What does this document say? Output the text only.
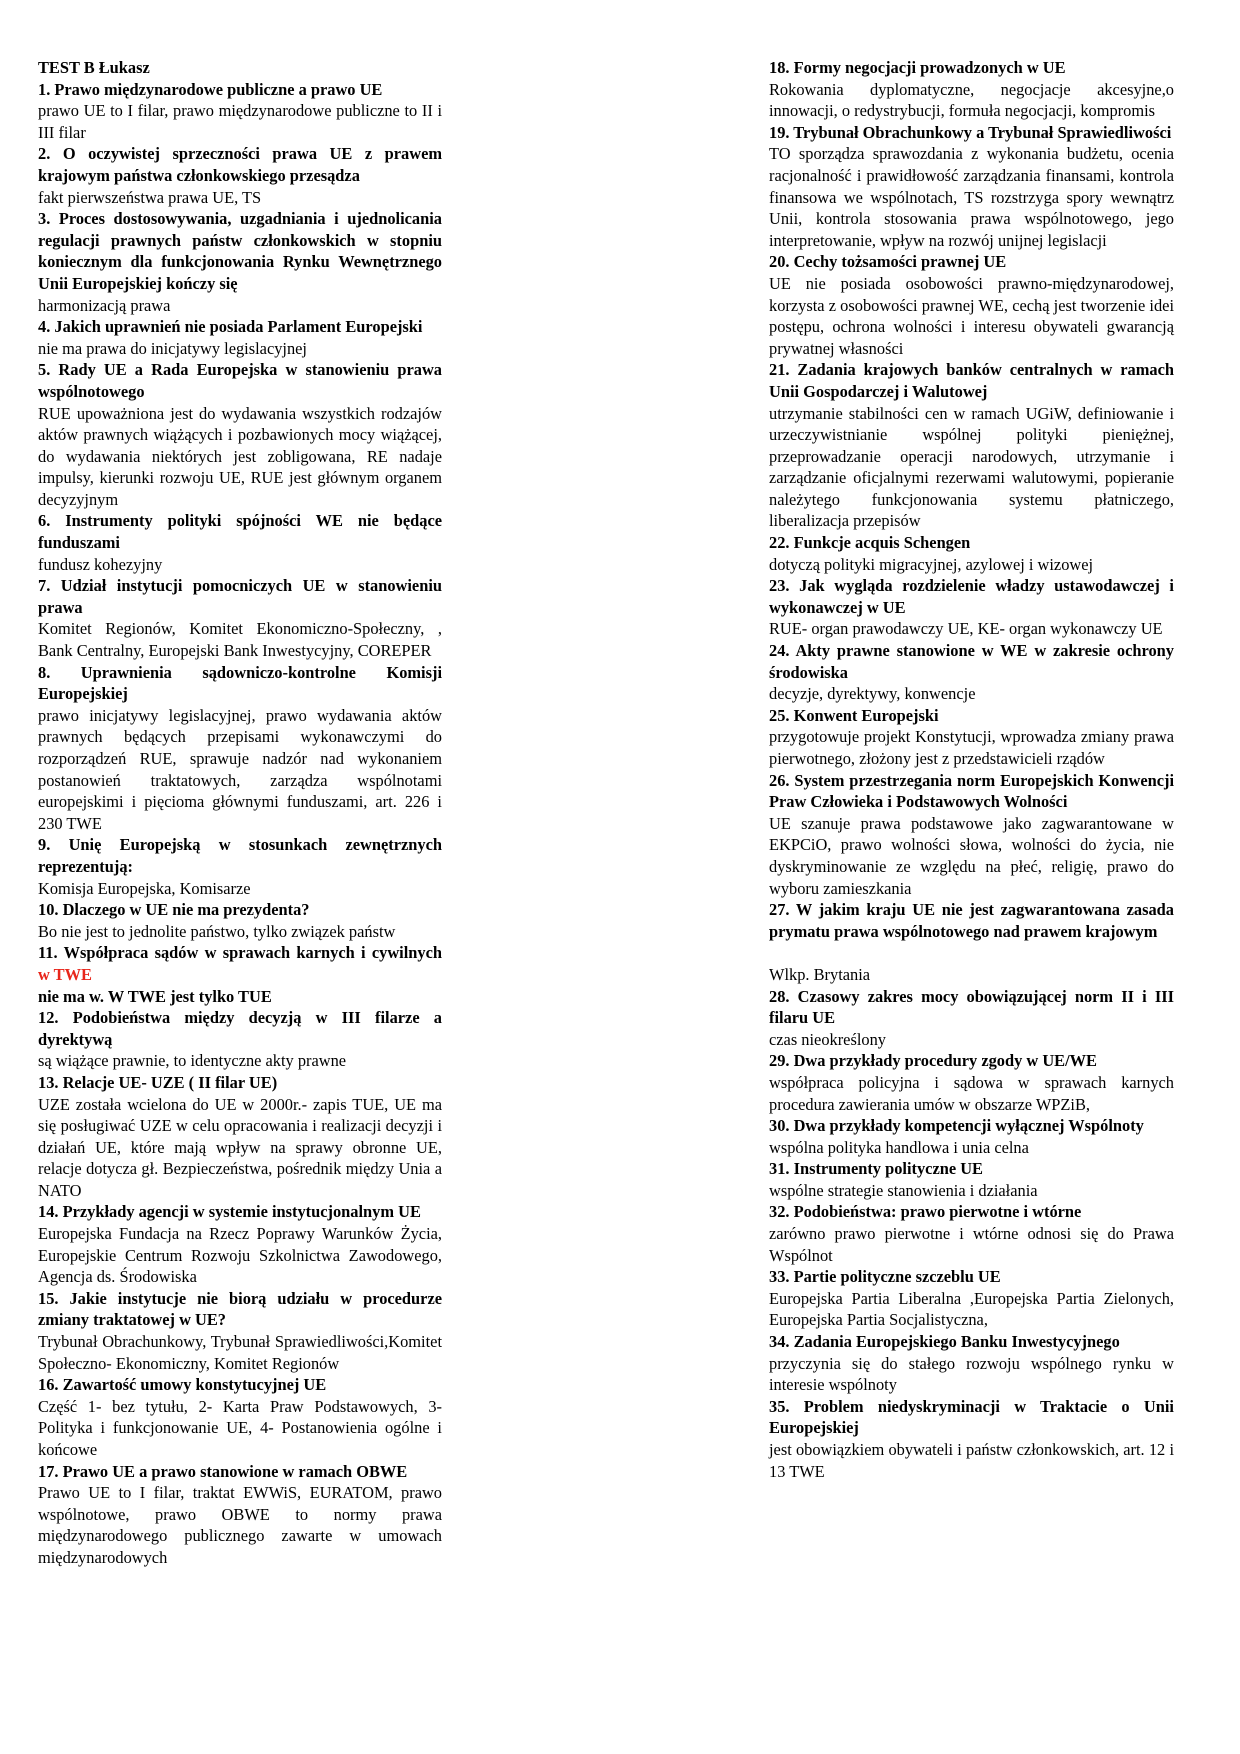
TEST B Łukasz

1. Prawo międzynarodowe publiczne a prawo UE

prawo UE to I filar, prawo międzynarodowe publiczne to II i III filar

2. O oczywistej sprzeczności prawa UE z prawem krajowym państwa członkowskiego przesądza

fakt pierwszeństwa prawa UE, TS

3. Proces dostosowywania, uzgadniania i ujednolicania regulacji prawnych państw członkowskich w stopniu koniecznym dla funkcjonowania Rynku Wewnętrznego Unii Europejskiej kończy się

harmonizacją prawa

4. Jakich uprawnień nie posiada Parlament Europejski

nie ma prawa do inicjatywy legislacyjnej

5. Rady UE a Rada Europejska w stanowieniu prawa wspólnotowego

RUE upoważniona jest do wydawania wszystkich rodzajów aktów prawnych wiążących i pozbawionych mocy wiążącej, do wydawania niektórych jest zobligowana, RE nadaje impulsy, kierunki rozwoju UE, RUE jest głównym organem decyzyjnym

6. Instrumenty polityki spójności WE nie będące funduszami

fundusz kohezyjny

7. Udział instytucji pomocniczych UE w stanowieniu prawa

Komitet Regionów, Komitet Ekonomiczno-Społeczny, , Bank Centralny, Europejski Bank Inwestycyjny, COREPER

8. Uprawnienia sądowniczo-kontrolne Komisji Europejskiej

prawo inicjatywy legislacyjnej, prawo wydawania aktów prawnych będących przepisami wykonawczymi do rozporządzeń RUE, sprawuje nadzór nad wykonaniem postanowień traktatowych, zarządza wspólnotami europejskimi i pięcioma głównymi funduszami, art. 226 i 230 TWE

9. Unię Europejską w stosunkach zewnętrznych reprezentują:

Komisja Europejska, Komisarze

10. Dlaczego w UE nie ma prezydenta?

Bo nie jest to jednolite państwo, tylko związek państw

11. Współpraca sądów w sprawach karnych i cywilnych w TWE

nie ma w. W TWE jest tylko TUE

12. Podobieństwa między decyzją w III filarze a dyrektywą

są wiążące prawnie, to identyczne akty prawne

13. Relacje UE- UZE ( II filar UE)

UZE została wcielona do UE w 2000r.- zapis TUE, UE ma się posługiwać UZE w celu opracowania i realizacji decyzji i działań UE, które mają wpływ na sprawy obronne UE, relacje dotycza gł. Bezpieczeństwa, pośrednik między Unia a NATO

14. Przykłady agencji w systemie instytucjonalnym UE

Europejska Fundacja na Rzecz Poprawy Warunków Życia, Europejskie Centrum Rozwoju Szkolnictwa Zawodowego, Agencja ds. Środowiska

15. Jakie instytucje nie biorą udziału w procedurze zmiany traktatowej w UE?

Trybunał Obrachunkowy, Trybunał Sprawiedliwości,Komitet Społeczno- Ekonomiczny, Komitet Regionów

16. Zawartość umowy konstytucyjnej UE

Część 1- bez tytułu, 2- Karta Praw Podstawowych, 3- Polityka i funkcjonowanie UE, 4- Postanowienia ogólne i końcowe

17. Prawo UE a prawo stanowione w ramach OBWE

Prawo UE to I filar, traktat EWWiS, EURATOM, prawo wspólnotowe, prawo OBWE to normy prawa międzynarodowego publicznego zawarte w umowach międzynarodowych

18. Formy negocjacji prowadzonych w UE

Rokowania dyplomatyczne, negocjacje akcesyjne,o innowacji, o redystrybucji, formuła negocjacji, kompromis

19. Trybunał Obrachunkowy a Trybunał Sprawiedliwości

TO sporządza sprawozdania z wykonania budżetu, ocenia racjonalność i prawidłowość zarządzania finansami, kontrola finansowa we wspólnotach, TS rozstrzyga spory wewnątrz Unii, kontrola stosowania prawa wspólnotowego, jego interpretowanie, wpływ na rozwój unijnej legislacji

20. Cechy tożsamości prawnej UE

UE nie posiada osobowości prawno-międzynarodowej, korzysta z osobowości prawnej WE, cechą jest tworzenie idei postępu, ochrona wolności i interesu obywateli gwarancją prywatnej własności

21. Zadania krajowych banków centralnych w ramach Unii Gospodarczej i Walutowej

utrzymanie stabilności cen w ramach UGiW, definiowanie i urzeczywistnianie wspólnej polityki pieniężnej, przeprowadzanie operacji narodowych, utrzymanie i zarządzanie oficjalnymi rezerwami walutowymi, popieranie należytego funkcjonowania systemu płatniczego, liberalizacja przepisów

22. Funkcje acquis Schengen

dotyczą polityki migracyjnej, azylowej i wizowej

23. Jak wygląda rozdzielenie władzy ustawodawczej i wykonawczej w UE

RUE- organ prawodawczy UE, KE- organ wykonawczy UE

24. Akty prawne stanowione w WE w zakresie ochrony środowiska

decyzje, dyrektywy, konwencje

25. Konwent Europejski

przygotowuje projekt Konstytucji, wprowadza zmiany prawa pierwotnego, złożony jest z przedstawicieli rządów

26. System przestrzegania norm Europejskich Konwencji Praw Człowieka i Podstawowych Wolności

UE szanuje prawa podstawowe jako zagwarantowane w EKPCiO, prawo wolności słowa, wolności do życia, nie dyskryminowanie ze względu na płeć, religię, prawo do wyboru zamieszkania

27. W jakim kraju UE nie jest zagwarantowana zasada prymatu prawa wspólnotowego nad prawem krajowym

Wlkp. Brytania

28. Czasowy zakres mocy obowiązującej norm II i III filaru UE

czas nieokreślony

29. Dwa przykłady procedury zgody w UE/WE

współpraca policyjna i sądowa w sprawach karnych procedura zawierania umów w obszarze WPZiB,

30. Dwa przykłady kompetencji wyłącznej Wspólnoty

wspólna polityka handlowa i unia celna

31. Instrumenty polityczne UE

wspólne strategie stanowienia i działania

32. Podobieństwa: prawo pierwotne i wtórne

zarówno prawo pierwotne i wtórne odnosi się do Prawa Wspólnot

33. Partie polityczne szczeblu UE

Europejska Partia Liberalna ,Europejska Partia Zielonych, Europejska Partia Socjalistyczna,

34. Zadania Europejskiego Banku Inwestycyjnego

przyczynia się do stałego rozwoju wspólnego rynku w interesie wspólnoty

35. Problem niedyskryminacji w Traktacie o Unii Europejskiej

jest obowiązkiem obywateli i państw członkowskich, art. 12 i 13 TWE
